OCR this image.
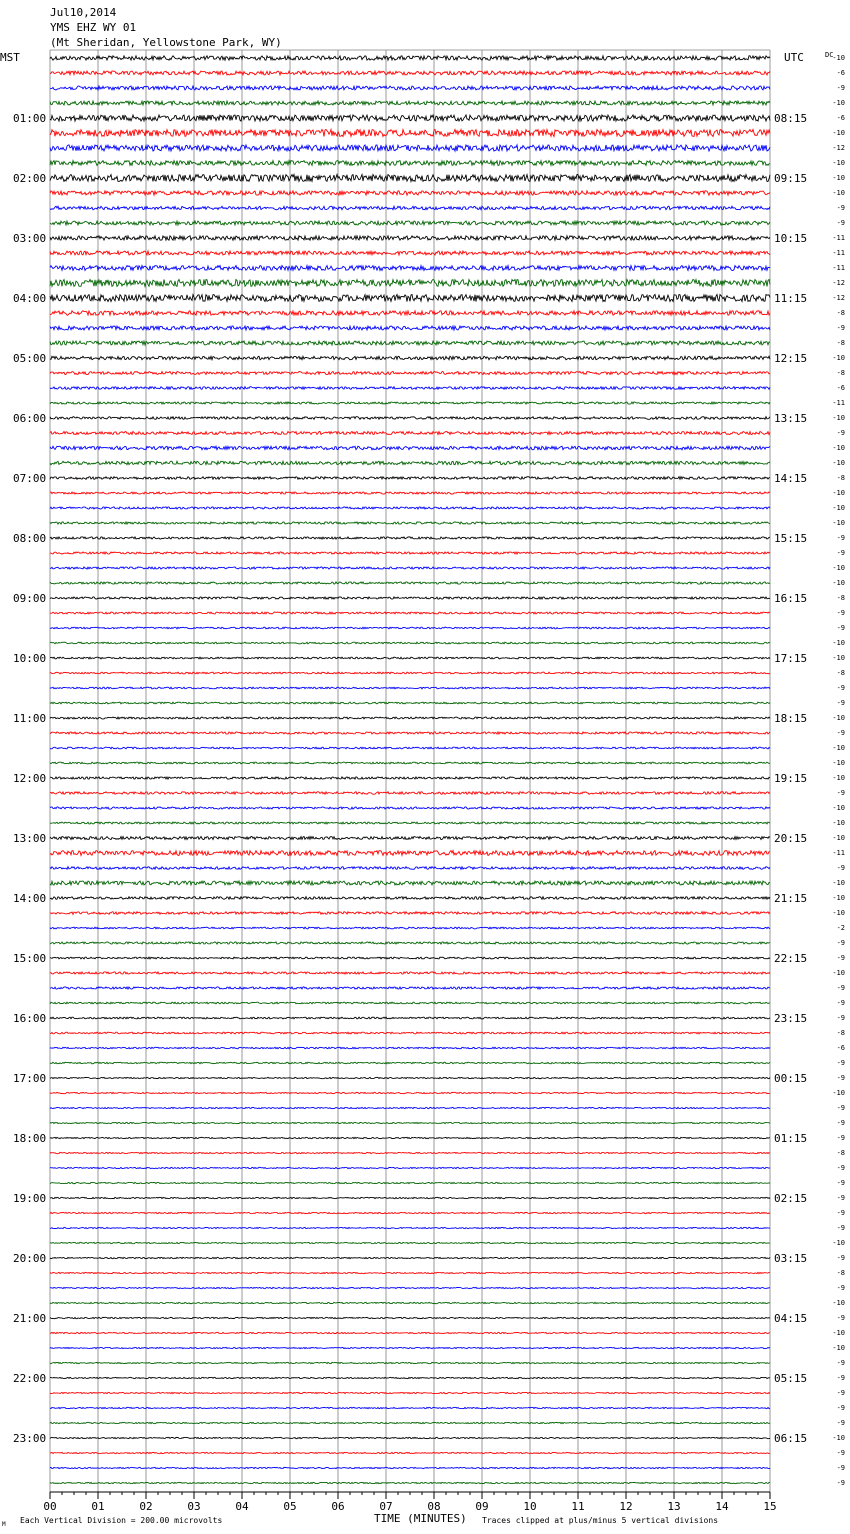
Jul10,2014
YMS EHZ WY 01
(Mt Sheridan, Yellowstone Park, WY)
MST	UTC	DC
01:00
02:00
03:00
04:00
05:00
06:00
07:00
08:00
09:00
10:00
11:00
12:00
13:00
14:00
15:00
16:00
17:00
18:00
19:00
20:00
21:00
22:00
23:00
08:15
09:15
10:15
11:15
12:15
13:15
14:15
15:15
16:15
17:15
18:15
19:15
20:15
21:15
22:15
23:15
00:15
01:15
02:15
03:15
04:15
05:15
06:15
-10
-6
-9
-10
-6
-10
-12
-10
-10
-10
-9
-9
-11
-11
-11
-12
-12
-8
-9
-8
-10
-8
-6
-11
-10
-9
-10
-10
-8
-10
-10
-10
-9
-9
-10
-10
-8
-9
-9
-10
-10
-8
-9
-9
-10
-9
-10
-10
-10
-9
-10
-10
-10
-11
-9
-10
-10
-10
-2
-9
-9
-10
-9
-9
-9
-8
-6
-9
-9
-10
-9
-9
-9
-8
-9
-9
-9
-9
-9
-10
-9
-8
-9
-10
-9
-10
-10
-9
-9
-9
-9
-9
-10
-9
-9
-9
00	01	02	03	04	05	06	07	08	09	10	11	12	13	14	15
M Each Vertical Division = 200.00 microvolts	TIME (MINUTES) Traces clipped at plus/minus 5 vertical divisions
